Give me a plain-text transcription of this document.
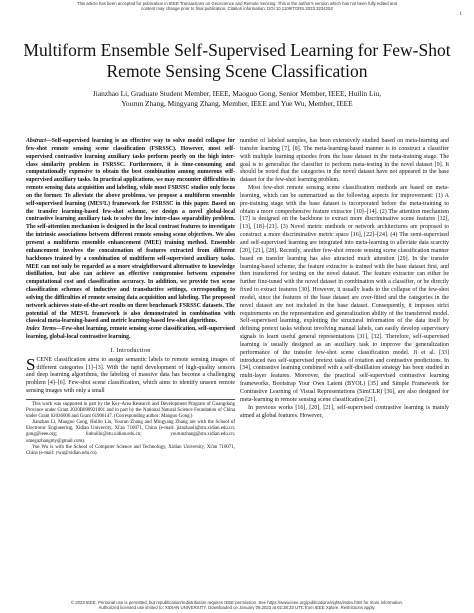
This article has been accepted for publication in IEEE Transactions on Geoscience and Remote Sensing. This is the author's version which has not been fully edited and
content may change prior to final publication. Citation information: DOI 10.1109/TGRS.2023.3234252
1
Multiform Ensemble Self-Supervised Learning for Few-Shot Remote Sensing Scene Classification
Jianzhao Li, Graduate Student Member, IEEE, Maoguo Gong, Senior Member, IEEE, Huilin Liu,
Yourun Zhang, Mingyang Zhang, Member, IEEE and Yue Wu, Member, IEEE

Abstract—Self-supervised learning is an effective way to solve model collapse for few-shot remote sensing scene classification (FSRSSC). However, most self-supervised contrastive learning auxiliary tasks perform poorly on the high inter-class similarity problem in FSRSSC. Furthermore, it is time-consuming and computationally expensive to obtain the best combination among numerous self-supervised auxiliary tasks. In practical applications, we may encounter difficulties in remote sensing data acquisition and labeling, while most FSRSSC studies only focus on the former. To alleviate the above problems, we propose a multiform ensemble self-supervised learning (MES²L) framework for FSRSSC in this paper. Based on the transfer learning-based few-shot scheme, we design a novel global-local contrastive learning auxiliary task to solve the low inter-class separability problem. The self-attention mechanism is designed in the local contrast features to investigate the intrinsic associations between different remote sensing scene objectives. We also present a multiform ensemble enhancement (MEE) training method. Ensemble enhancement involves the concatenation of features extracted from different backbones trained by a combination of multiform self-supervised auxiliary tasks. MEE can not only be regarded as a more straightforward alternative to knowledge distillation, but also can achieve an effective compromise between expensive computational cost and classification accuracy. In addition, we provide two scene classification schemes of inductive and transductive settings, corresponding to solving the difficulties of remote sensing data acquisition and labeling. The proposed network achieves state-of-the-art results on three benchmark FSRSSC datasets. The potential of the MES²L framework is also demonstrated in combination with classical meta-learning-based and metric learning-based few-shot algorithms.

Index Terms—Few-shot learning, remote sensing scene classification, self-supervised learning, global-local contrastive learning.

I. Introduction

SCENE classification aims to assign semantic labels to remote sensing images of different categories [1]–[3]. With the rapid development of high-quality sensors and deep learning algorithms, the labeling of massive data has become a challenging problem [4]–[6]. Few-shot scene classification, which aims to identify unseen remote sensing images with only a small

This work was supported in part by the Key-Area Research and Development Program of Guangdong Province under Grant 2020B090921001 and in part by the National Natural Science Foundation of China under Grant 62036006 and Grant 61906147. (Corresponding author: Maoguo Gong.)

Jianzhao Li, Maoguo Gong, Huilin Liu, Yourun Zhang and Mingyang Zhang are with the School of Electronic Engineering, Xidian University, Xi'an 710071, China (e-mail: jianzhaoli@stu.xidian.edu.cn; gong@ieee.org; liuhuilin@stu.xidian.edu.cn; yourunzhang@stu.xidian.edu.cn; omegazhangmy@gmail.com).

Yue Wu is with the School of Computer Science and Technology, Xidian University, Xi'an 710071, China (e-mail: ywu@xidian.edu.cn).

number of labeled samples, has been extensively studied based on meta-learning and transfer learning [7], [8]. The meta-learning-based manner is to construct a classifier with multiple learning episodes from the base dataset in the meta-training stage. The goal is to generalize the classifier to perform meta-testing in the novel dataset [9]. It should be noted that the categories in the novel dataset have not appeared in the base dataset for the few-shot learning problem.

Most few-shot remote sensing scene classification methods are based on meta-learning, which can be summarized as the following aspects for improvement: (1) A pre-training stage with the base dataset is incorporated before the meta-training to obtain a more comprehensive feature extractor [10]–[14]. (2) The attention mechanism [17] is designed on the backbone to extract more discriminative scene features [12], [13], [18]–[21]. (3) Novel metric methods or network architectures are proposed to construct a more discriminative metric space [16], [22]–[24]. (4) The semi-supervised and self-supervised learning are integrated into meta-learning to alleviate data scarcity [20], [21], [28]. Recently, another few-shot remote sensing scene classification manner based on transfer learning has also attracted much attention [29]. In the transfer learning-based scheme, the feature extractor is trained with the base dataset first, and then transferred for testing on the novel dataset. The feature extractor can either be further fine-tuned with the novel dataset in combination with a classifier, or be directly fixed to extract features [30]. However, it usually leads to the collapse of the few-shot model, since the features of the base dataset are over-fitted and the categories in the novel dataset are not included in the base dataset. Consequently, it imposes strict requirements on the representation and generalization ability of the transferred model. Self-supervised learning, exploiting the structural information of the data itself by defining pretext tasks without involving manual labels, can easily develop supervisory signals to learn useful general representations [31], [32]. Therefore, self-supervised learning is usually designed as an auxiliary task to improve the generalization performance of the transfer few-shot scene classification model. Ji et al. [33] introduced two self-supervised pretext tasks of rotation and contrastive predictions. In [34], contrastive learning combined with a self-distillation strategy has been studied in multi-layer features. Moreover, the practical self-supervised contrastive learning frameworks, Bootstrap Your Own Latent (BYOL) [35] and Simple Framework for Contrastive Learning of Visual Representations (SimCLR) [36], are also designed for meta-learning in remote sensing scene classification [21].

In previous works [16], [20], [21], self-supervised contrastive learning is mainly aimed at global features. However,

© 2023 IEEE. Personal use is permitted, but republication/redistribution requires IEEE permission. See https://www.ieee.org/publications/rights/index.html for more information.
Authorized licensed use limited to: XIDIAN UNIVERSITY. Downloaded on January 09,2023 at 02:38:33 UTC from IEEE Xplore. Restrictions apply.
